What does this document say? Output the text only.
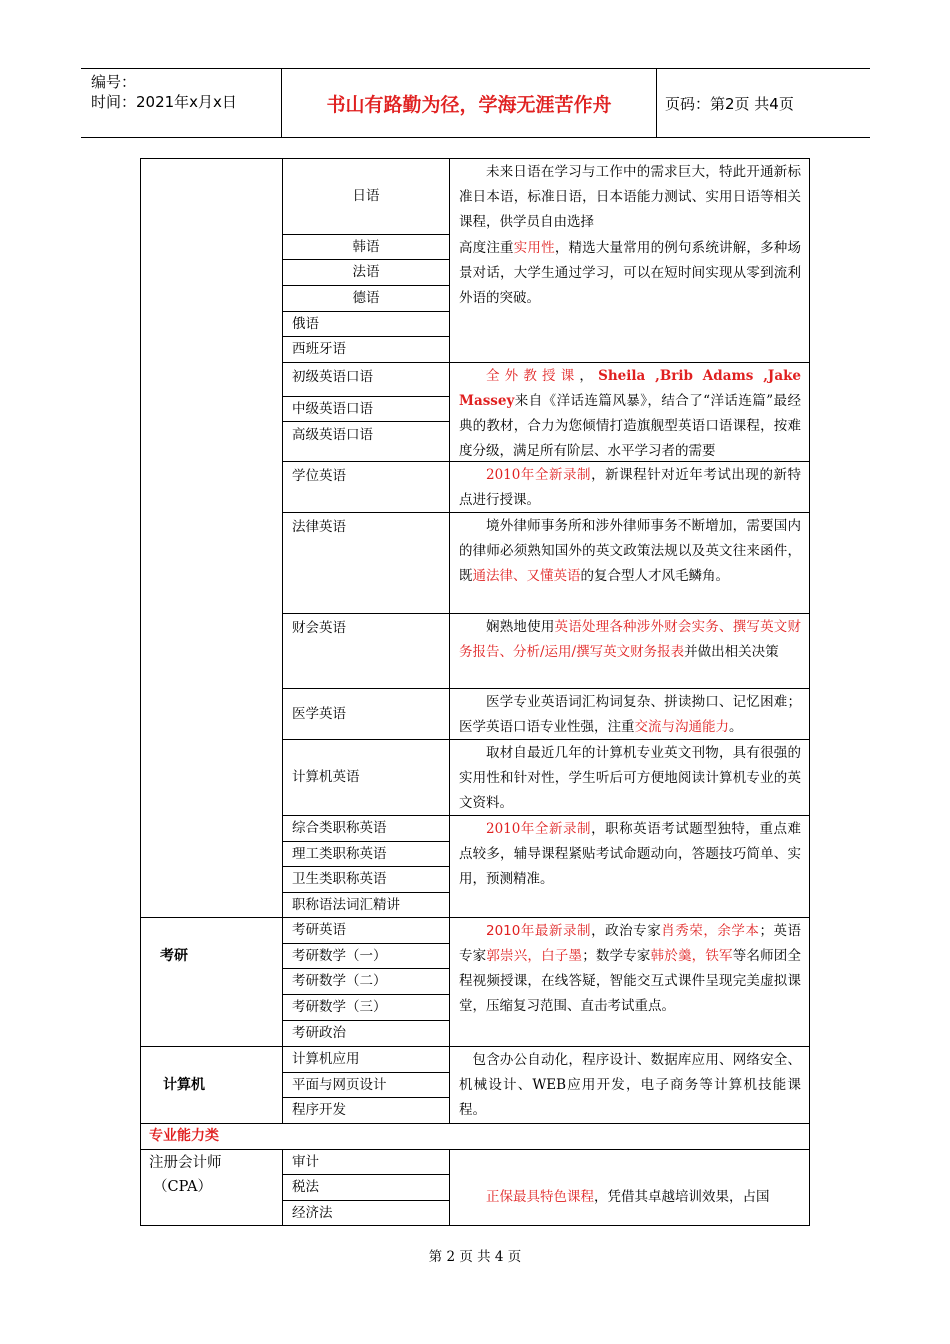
编号：
时间：2021年x月x日	书山有路勤为径，学海无涯苦作舟	页码：第2页 共4页
日语
韩语
法语
德语
俄语
西班牙语
初级英语口语
中级英语口语
高级英语口语
学位英语
法律英语
财会英语
医学英语
计算机英语
综合类职称英语
理工类职称英语
卫生类职称英语
职称语法词汇精讲
考研英语
考研数学（一）
考研数学（二）
考研数学（三）
考研政治
计算机应用
平面与网页设计
程序开发
审计
税法
经济法
考研
计算机
专业能力类
注册会计师
（CPA）
未来日语在学习与工作中的需求巨大，特此开通新标准日本语，标准日语，日本语能力测试、实用日语等相关课程，供学员自由选择
高度注重实用性，精选大量常用的例句系统讲解，多种场景对话，大学生通过学习，可以在短时间实现从零到流利外语的突破。
全外教授课，Sheila ,Brib Adams ,Jake Massey来自《洋话连篇风暴》，结合了“洋话连篇”最经典的教材，合力为您倾情打造旗舰型英语口语课程，按难度分级，满足所有阶层、水平学习者的需要
2010年全新录制，新课程针对近年考试出现的新特点进行授课。
境外律师事务所和涉外律师事务不断增加，需要国内的律师必须熟知国外的英文政策法规以及英文往来函件，既通法律、又懂英语的复合型人才风毛鳞角。
娴熟地使用英语处理各种涉外财会实务、撰写英文财务报告、分析/运用/撰写英文财务报表并做出相关决策
医学专业英语词汇构词复杂、拼读拗口、记忆困难；医学英语口语专业性强，注重交流与沟通能力。
取材自最近几年的计算机专业英文刊物，具有很强的实用性和针对性，学生听后可方便地阅读计算机专业的英文资料。
2010年全新录制，职称英语考试题型独特，重点难点较多，辅导课程紧贴考试命题动向，答题技巧简单、实用，预测精准。
2010年最新录制，政治专家肖秀荣，余学本；英语专家郭崇兴，白子墨；数学专家韩於羹，铁军等名师团全程视频授课，在线答疑，智能交互式课件呈现完美虚拟课堂，压缩复习范围、直击考试重点。
包含办公自动化，程序设计、数据库应用、网络安全、机械设计、WEB应用开发，电子商务等计算机技能课程。
正保最具特色课程，凭借其卓越培训效果，占国
第 2 页 共 4 页
